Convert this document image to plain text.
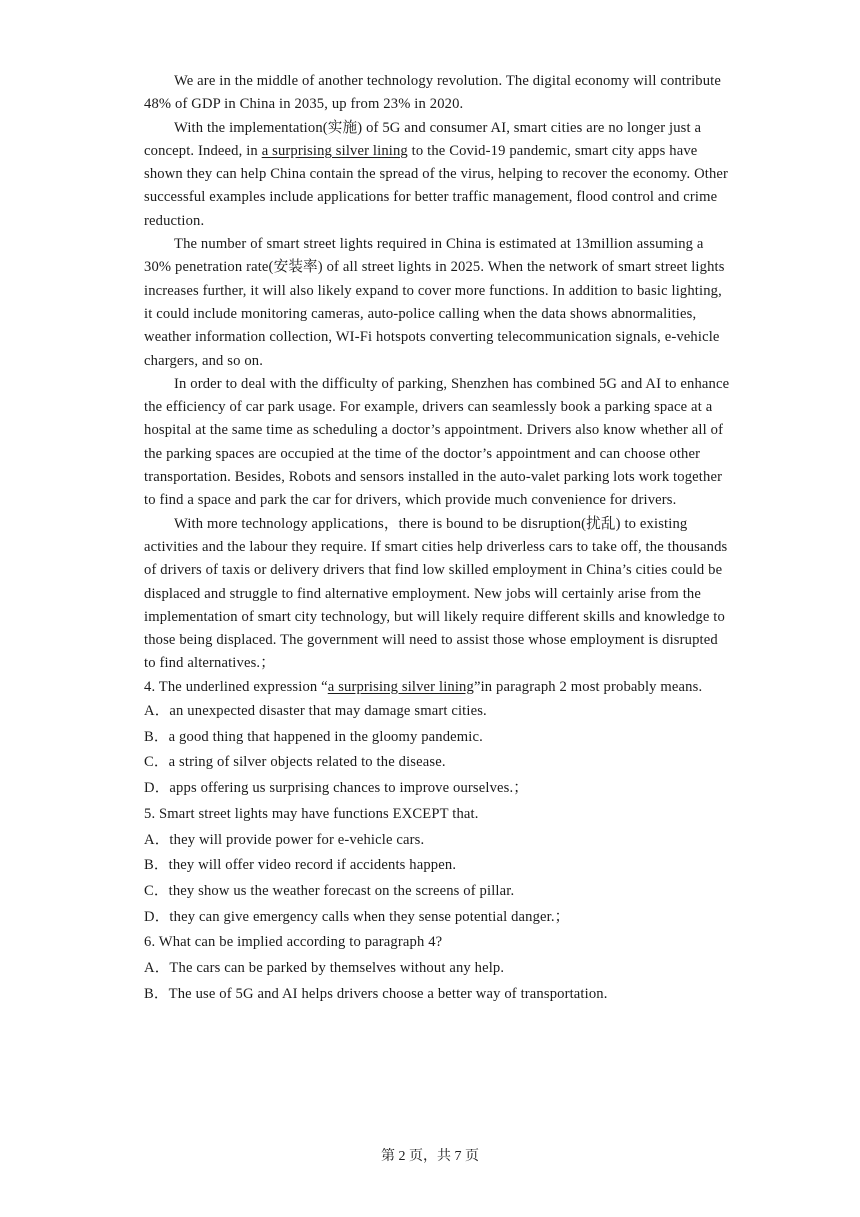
We are in the middle of another technology revolution. The digital economy will contribute 48% of GDP in China in 2035, up from 23% in 2020.

With the implementation(实施) of 5G and consumer AI, smart cities are no longer just a concept. Indeed, in a surprising silver lining to the Covid-19 pandemic, smart city apps have shown they can help China contain the spread of the virus, helping to recover the economy. Other successful examples include applications for better traffic management, flood control and crime reduction.

The number of smart street lights required in China is estimated at 13million assuming a 30% penetration rate(安装率) of all street lights in 2025. When the network of smart street lights increases further, it will also likely expand to cover more functions. In addition to basic lighting, it could include monitoring cameras, auto-police calling when the data shows abnormalities, weather information collection, WI-Fi hotspots converting telecommunication signals, e-vehicle chargers, and so on.

In order to deal with the difficulty of parking, Shenzhen has combined 5G and AI to enhance the efficiency of car park usage. For example, drivers can seamlessly book a parking space at a hospital at the same time as scheduling a doctor’s appointment. Drivers also know whether all of the parking spaces are occupied at the time of the doctor’s appointment and can choose other transportation. Besides, Robots and sensors installed in the auto-valet parking lots work together to find a space and park the car for drivers, which provide much convenience for drivers.

With more technology applications，there is bound to be disruption(扰乱) to existing activities and the labour they require. If smart cities help driverless cars to take off, the thousands of drivers of taxis or delivery drivers that find low skilled employment in China’s cities could be displaced and struggle to find alternative employment. New jobs will certainly arise from the implementation of smart city technology, but will likely require different skills and knowledge to those being displaced. The government will need to assist those whose employment is disrupted to find alternatives.；

4. The underlined expression “a surprising silver lining”in paragraph 2 most probably means.

A．an unexpected disaster that may damage smart cities.

B．a good thing that happened in the gloomy pandemic.

C．a string of silver objects related to the disease.

D．apps offering us surprising chances to improve ourselves.；

5. Smart street lights may have functions EXCEPT that.

A．they will provide power for e-vehicle cars.

B．they will offer video record if accidents happen.

C．they show us the weather forecast on the screens of pillar.

D．they can give emergency calls when they sense potential danger.；

6. What can be implied according to paragraph 4?

A．The cars can be parked by themselves without any help.

B．The use of 5G and AI helps drivers choose a better way of transportation.

第 2 页，共 7 页
